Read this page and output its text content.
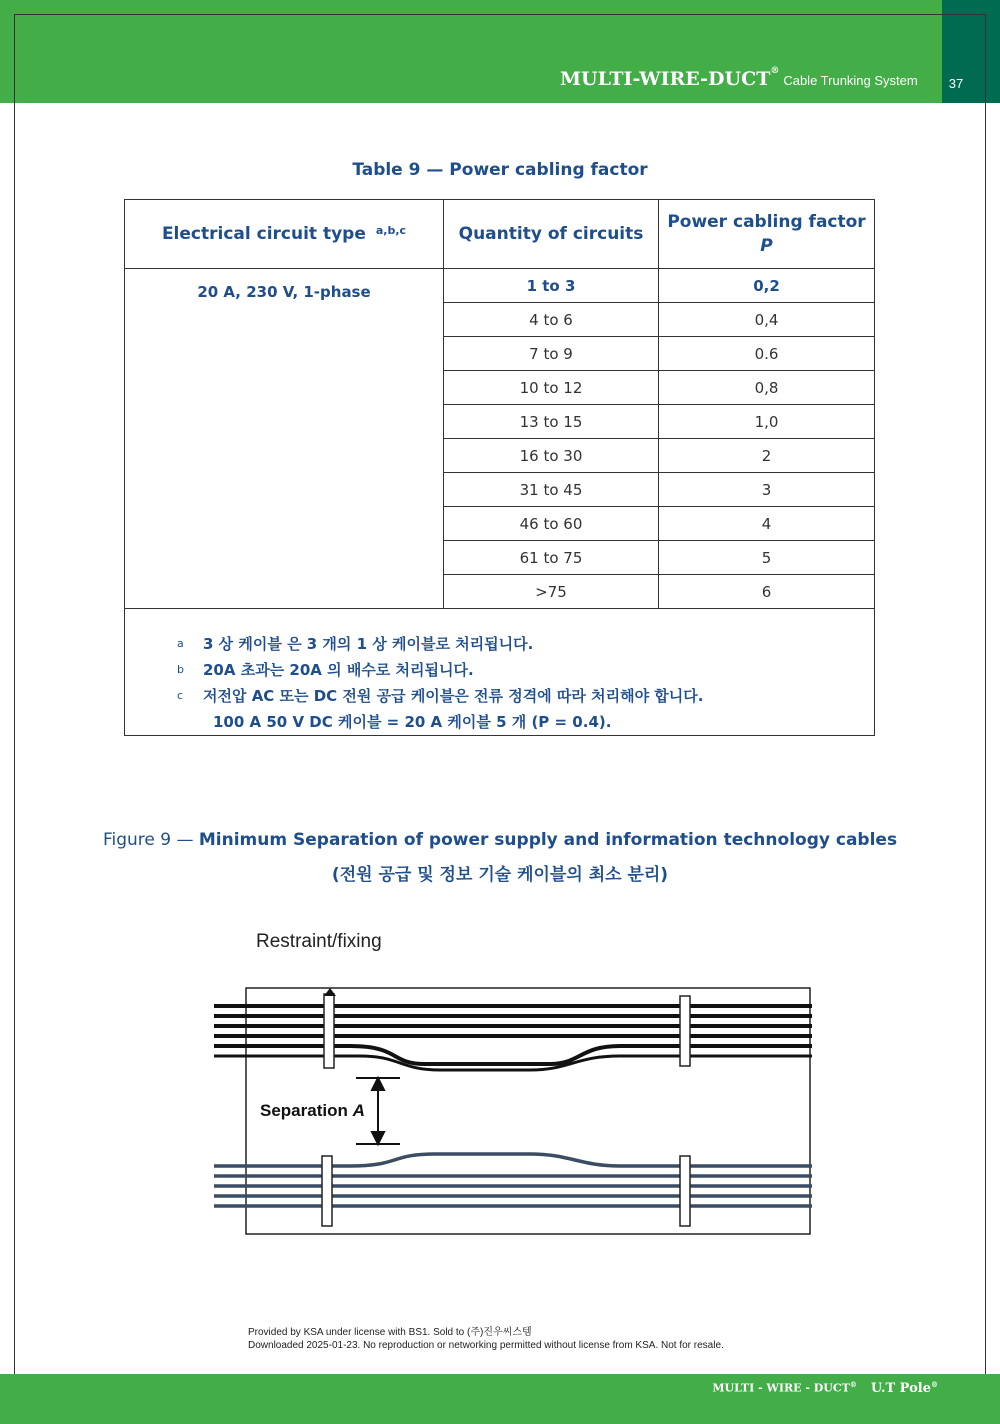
MULTI-WIRE-DUCT®Cable Trunking System	37
Table 9 — Power cabling factor
Electrical circuit type $^{a,b,c}$	Quantity of circuits	Power cabling factor
P

20 A, 230 V, 1-phase	1 to 3	0,2
	4 to 6	0,4
	7 to 9	0.6
	10 to 12	0,8
	13 to 15	1,0
	16 to 30	2
	31 to 45	3
	46 to 60	4
	61 to 75	5
	>75	6

a 3 상 케이블 은 3 개의 1 상 케이블로 처리됩니다.
b 20A 초과는 20A 의 배수로 처리됩니다.
c 저전압 AC 또는 DC 전원 공급 케이블은 전류 정격에 따라 처리해야 합니다.
100 A 50 V DC 케이블 = 20 A 케이블 5 개 (P = 0.4).		
Figure 9 — Minimum Separation of power supply and information technology cables
(전원 공급 및 정보 기술 케이블의 최소 분리)
Restraint/fixing
Separation A
Provided by KSA under license with BS1. Sold to (주)진우씨스템
Downloaded 2025-01-23. No reproduction or networking permitted without license from KSA. Not for resale.
MULTI - WIRE - DUCT® U.T Pole®
